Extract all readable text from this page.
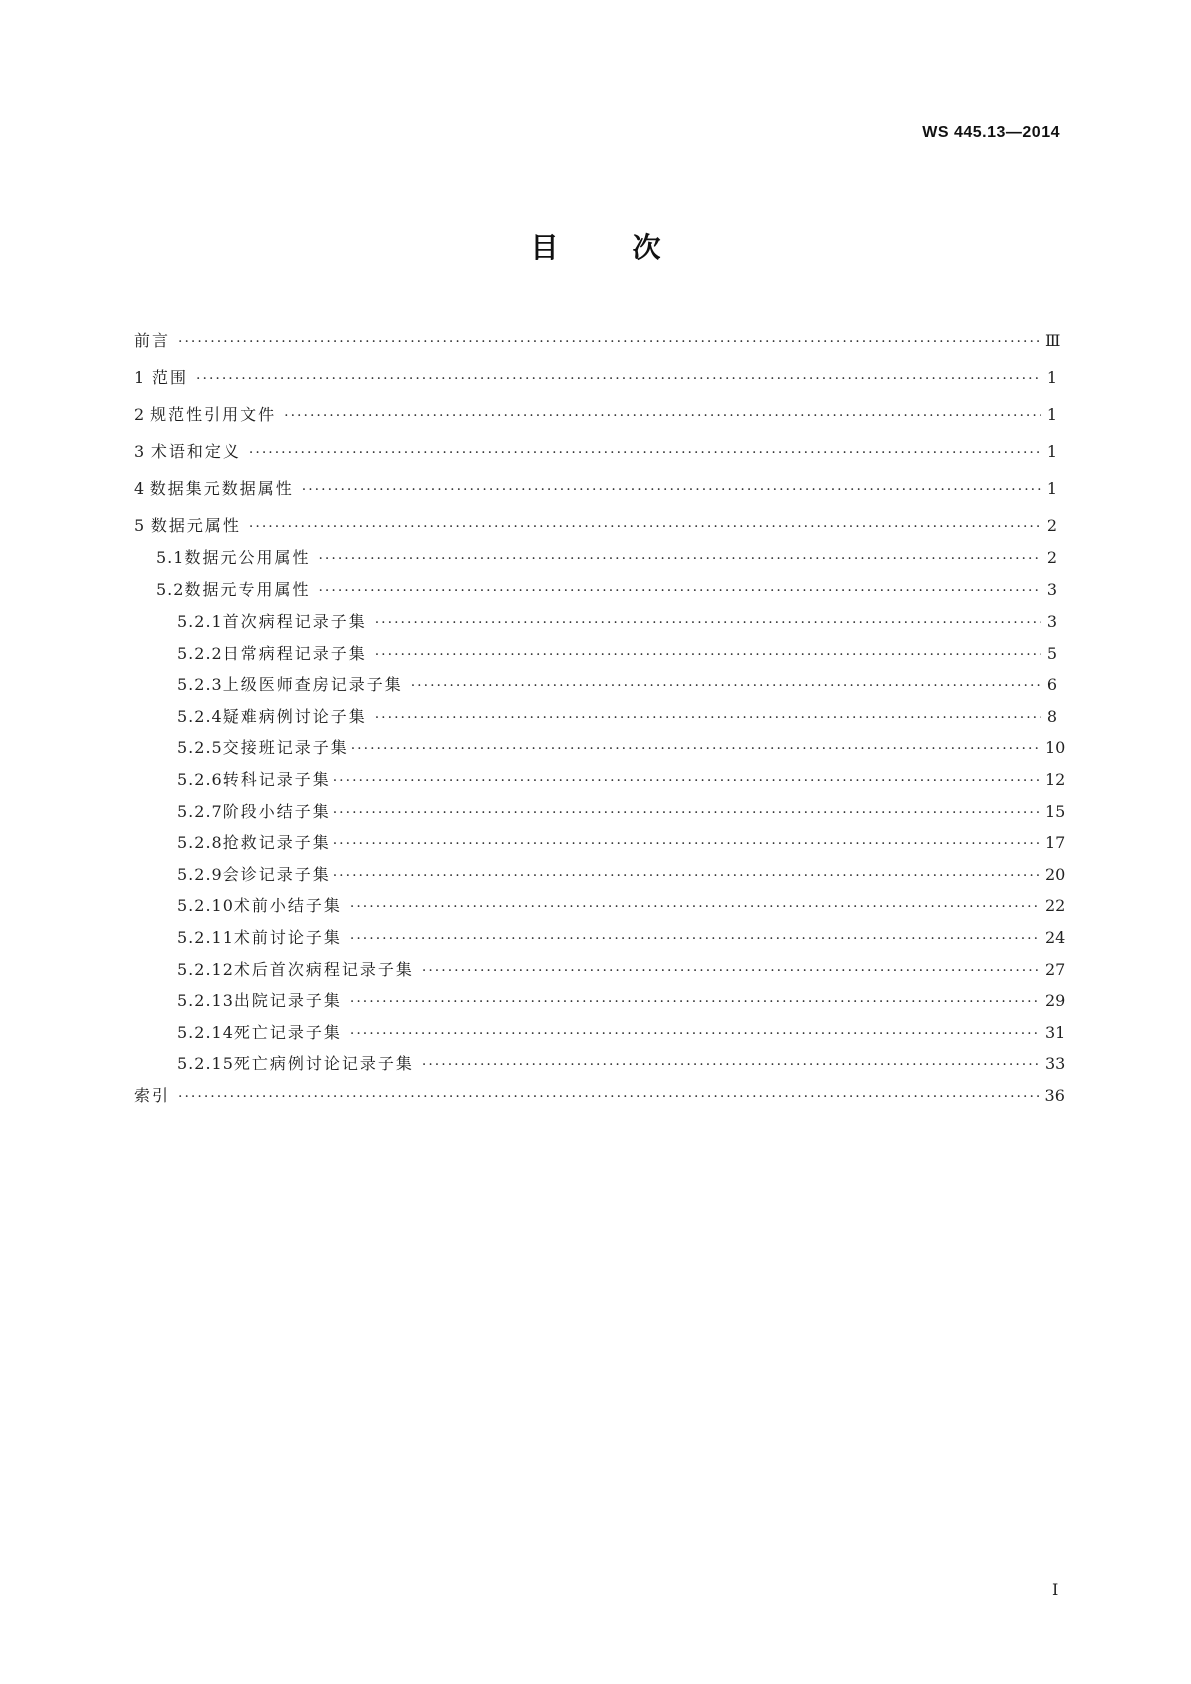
WS 445.13—2014
目次
前言 ·····	Ⅲ
1 范围 ·····	1
2 规范性引用文件 ·····	1
3 术语和定义 ·····	1
4 数据集元数据属性 ·····	1
5 数据元属性 ·····	2
5.1 数据元公用属性 ·····	2
5.2 数据元专用属性 ·····	3
5.2.1 首次病程记录子集 ·····	3
5.2.2 日常病程记录子集 ·····	5
5.2.3 上级医师查房记录子集 ·····	6
5.2.4 疑难病例讨论子集 ·····	8
5.2.5 交接班记录子集 ·····	10
5.2.6 转科记录子集 ·····	12
5.2.7 阶段小结子集 ·····	15
5.2.8 抢救记录子集 ·····	17
5.2.9 会诊记录子集 ·····	20
5.2.10 术前小结子集 ·····	22
5.2.11 术前讨论子集 ·····	24
5.2.12 术后首次病程记录子集 ·····	27
5.2.13 出院记录子集 ·····	29
5.2.14 死亡记录子集 ·····	31
5.2.15 死亡病例讨论记录子集 ·····	33
索引 ·····	36
I
